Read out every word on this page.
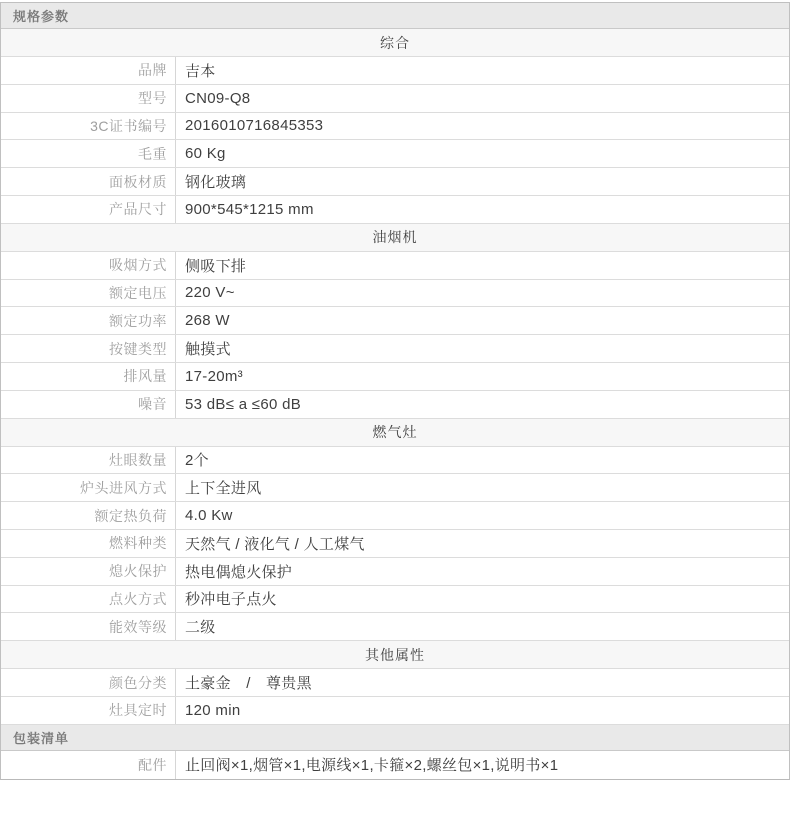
规格参数
综合
品牌	吉本
型号	CN09-Q8
3C证书编号	2016010716845353
毛重	60 Kg
面板材质	钢化玻璃
产品尺寸	900*545*1215 mm
油烟机
吸烟方式	侧吸下排
额定电压	220 V~
额定功率	268 W
按键类型	触摸式
排风量	17-20m³
噪音	53 dB≤ a ≤60 dB
燃气灶
灶眼数量	2个
炉头进风方式	上下全进风
额定热负荷	4.0 Kw
燃料种类	天然气 / 液化气 / 人工煤气
熄火保护	热电偶熄火保护
点火方式	秒冲电子点火
能效等级	二级
其他属性
颜色分类	土豪金　/　尊贵黑
灶具定时	120 min
包装清单
配件	止回阀×1,烟管×1,电源线×1,卡箍×2,螺丝包×1,说明书×1
